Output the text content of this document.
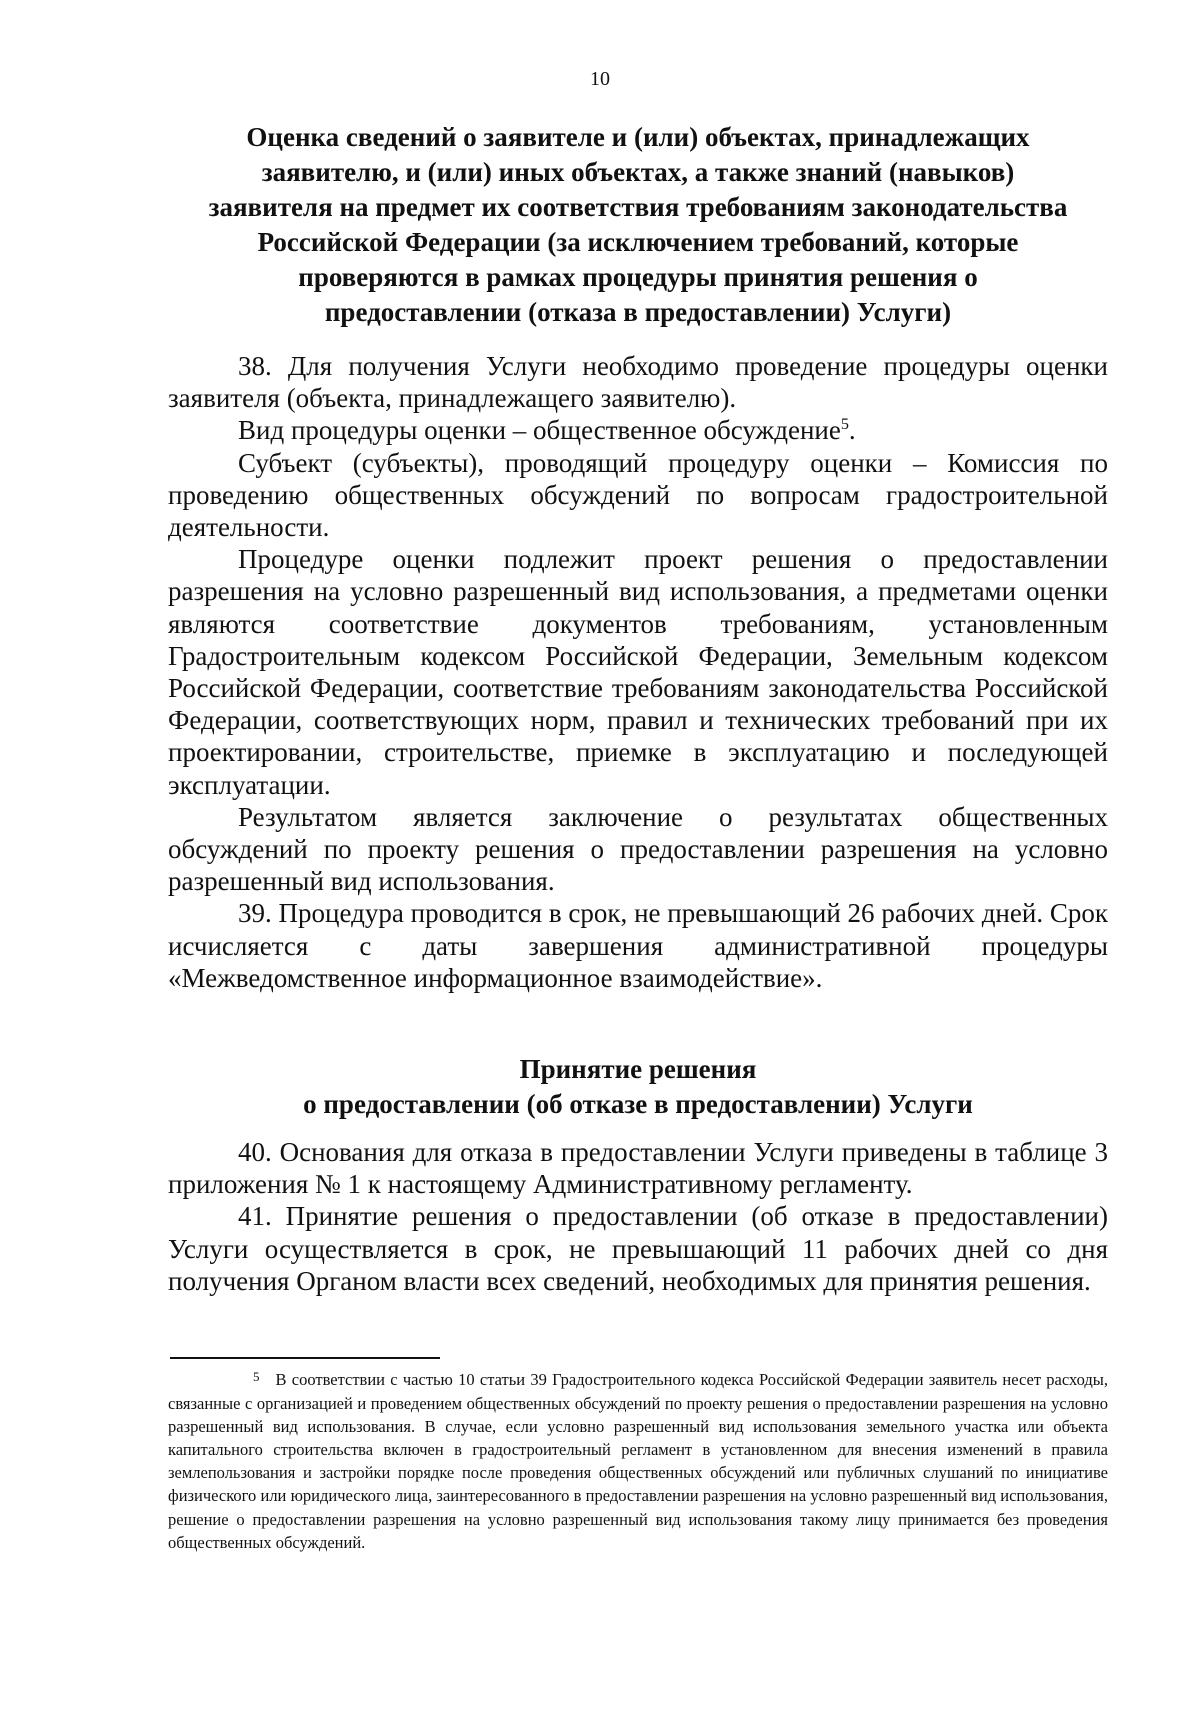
10
Оценка сведений о заявителе и (или) объектах, принадлежащих
заявителю, и (или) иных объектах, а также знаний (навыков)
заявителя на предмет их соответствия требованиям законодательства
Российской Федерации (за исключением требований, которые
проверяются в рамках процедуры принятия решения о
предоставлении (отказа в предоставлении) Услуги)

38. Для получения Услуги необходимо проведение процедуры оценки заявителя (объекта, принадлежащего заявителю).

Вид процедуры оценки – общественное обсуждение$^5$.

Субъект (субъекты), проводящий процедуру оценки – Комиссия по проведению общественных обсуждений по вопросам градостроительной деятельности.

Процедуре оценки подлежит проект решения о предоставлении разрешения на условно разрешенный вид использования, а предметами оценки являются соответствие документов требованиям, установленным Градостроительным кодексом Российской Федерации, Земельным кодексом Российской Федерации, соответствие требованиям законодательства Российской Федерации, соответствующих норм, правил и технических требований при их проектировании, строительстве, приемке в эксплуатацию и последующей эксплуатации.

Результатом является заключение о результатах общественных обсуждений по проекту решения о предоставлении разрешения на условно разрешенный вид использования.

39. Процедура проводится в срок, не превышающий 26 рабочих дней. Срок исчисляется с даты завершения административной процедуры «Межведомственное информационное взаимодействие».

Принятие решения
о предоставлении (об отказе в предоставлении) Услуги

40. Основания для отказа в предоставлении Услуги приведены в таблице 3 приложения № 1 к настоящему Административному регламенту.

41. Принятие решения о предоставлении (об отказе в предоставлении) Услуги осуществляется в срок, не превышающий 11 рабочих дней со дня получения Органом власти всех сведений, необходимых для принятия решения.

$^5$ В соответствии с частью 10 статьи 39 Градостроительного кодекса Российской Федерации заявитель несет расходы, связанные с организацией и проведением общественных обсуждений по проекту решения о предоставлении разрешения на условно разрешенный вид использования. В случае, если условно разрешенный вид использования земельного участка или объекта капитального строительства включен в градостроительный регламент в установленном для внесения изменений в правила землепользования и застройки порядке после проведения общественных обсуждений или публичных слушаний по инициативе физического или юридического лица, заинтересованного в предоставлении разрешения на условно разрешенный вид использования, решение о предоставлении разрешения на условно разрешенный вид использования такому лицу принимается без проведения общественных обсуждений.
